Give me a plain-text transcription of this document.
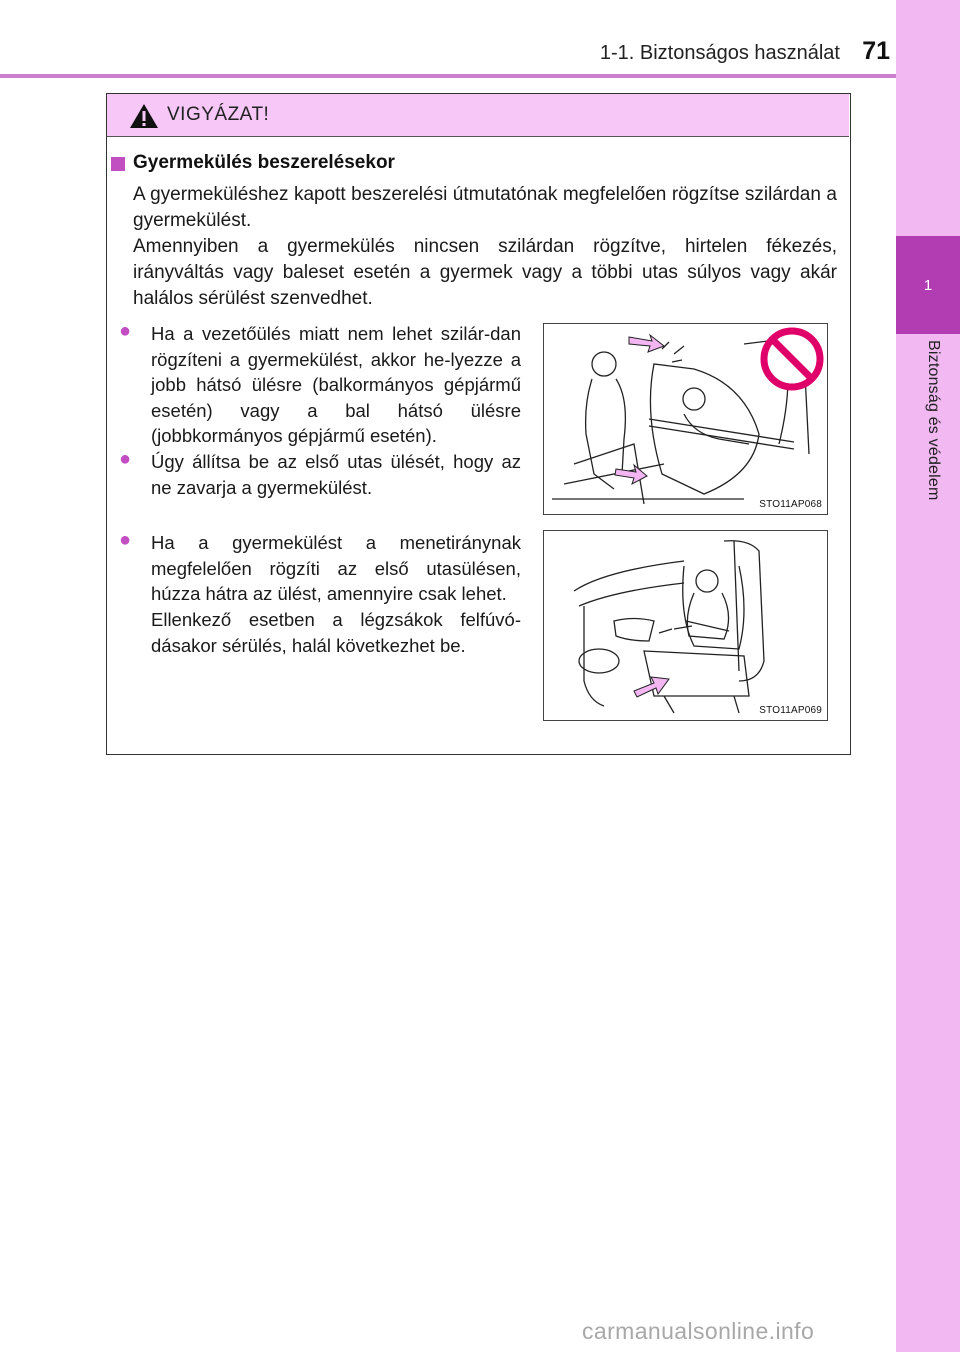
1
Biztonság és védelem
1-1. Biztonságos használat 71
VIGYÁZAT!
Gyermekülés beszerelésekor

A gyermeküléshez kapott beszerelési útmutatónak megfelelően rögzítse szilárdan a gyermekülést.

Amennyiben a gyermekülés nincsen szilárdan rögzítve, hirtelen fékezés, irányváltás vagy baleset esetén a gyermek vagy a többi utas súlyos vagy akár halálos sérülést szenvedhet.

●	Ha a vezetőülés miatt nem lehet szilár-dan rögzíteni a gyermekülést, akkor he-lyezze a jobb hátsó ülésre (balkormányos gépjármű esetén) vagy a bal hátsó ülésre (jobbkormányos gépjármű esetén).

●	Úgy állítsa be az első utas ülését, hogy az ne zavarja a gyermekülést.

●	Ha a gyermekülést a menetiránynak megfelelően rögzíti az első utasülésen, húzza hátra az ülést, amennyire csak lehet.

Ellenkező esetben a légzsákok felfúvó-dásakor sérülés, halál következhet be.

STO11AP068
STO11AP069
carmanualsonline.info
